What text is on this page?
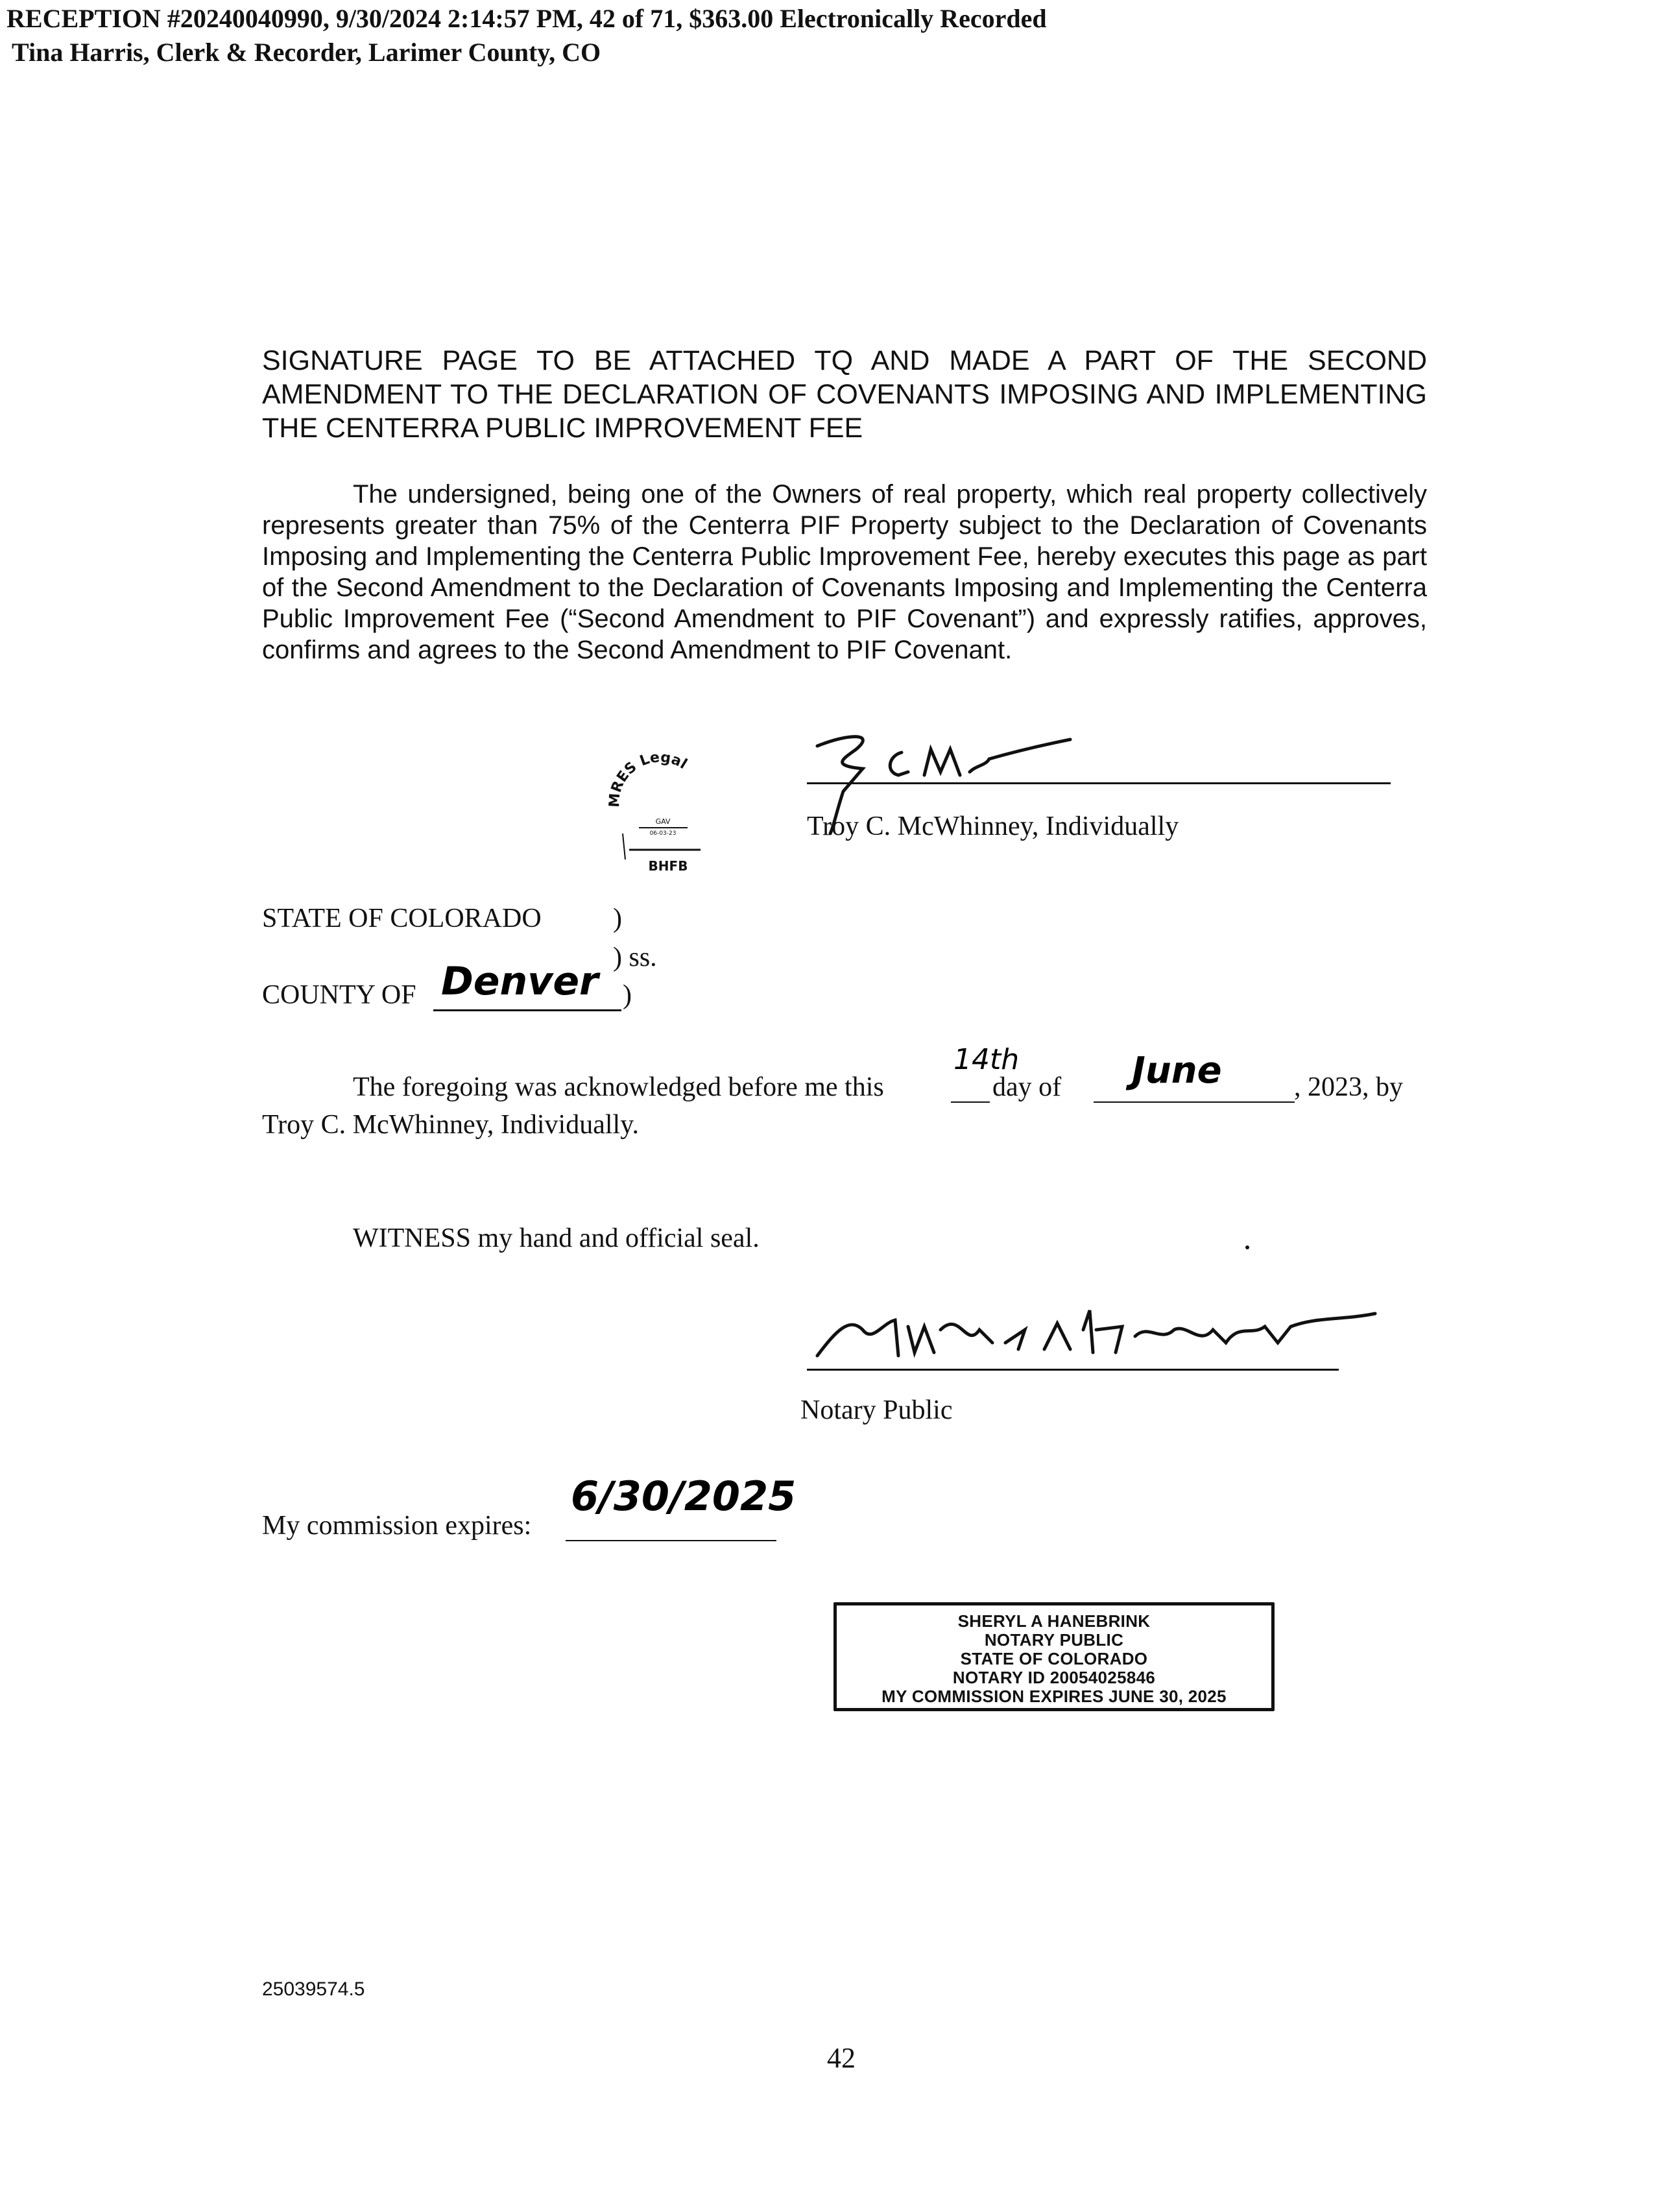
RECEPTION #20240040990, 9/30/2024 2:14:57 PM, 42 of 71, $363.00 Electronically Recorded
Tina Harris, Clerk & Recorder, Larimer County, CO
SIGNATURE PAGE TO BE ATTACHED TQ AND MADE A PART OF THE SECOND AMENDMENT TO THE DECLARATION OF COVENANTS IMPOSING AND IMPLEMENTING THE CENTERRA PUBLIC IMPROVEMENT FEE
The undersigned, being one of the Owners of real property, which real property collectively represents greater than 75% of the Centerra PIF Property subject to the Declaration of Covenants Imposing and Implementing the Centerra Public Improvement Fee, hereby executes this page as part of the Second Amendment to the Declaration of Covenants Imposing and Implementing the Centerra Public Improvement Fee (“Second Amendment to PIF Covenant”) and expressly ratifies, approves, confirms and agrees to the Second Amendment to PIF Covenant.
MRES Legal
GAV
06-03-23
BHFB
Troy C. McWhinney, Individually
STATE OF COLORADO	)
) ss.
COUNTY OF Denver )
The foregoing was acknowledged before me this
14th
day of June	, 2023, by
Troy C. McWhinney, Individually.
WITNESS my hand and official seal.
Notary Public
My commission expires:
6/30/2025
SHERYL A HANEBRINK
NOTARY PUBLIC
STATE OF COLORADO
NOTARY ID 20054025846
MY COMMISSION EXPIRES JUNE 30, 2025
25039574.5
42
